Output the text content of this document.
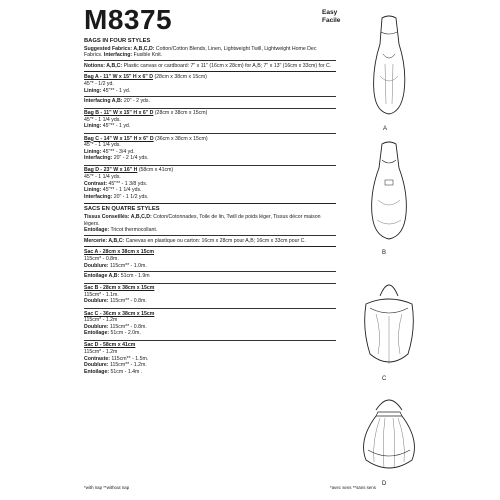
M8375	Easy
Facile
BAGS IN FOUR STYLES

Suggested Fabrics: A,B,C,D: Cotton/Cotton Blends, Linen, Lightweight Twill, Lightweight Home Dec Fabrics. Interfacing: Fusible Knit.

Notions: A,B,C: Plastic canvas or cardboard: 7" x 11" (16cm x 28cm) for A,B; 7" x 13" (16cm x 33cm) for C.

Bag A - 11" W x 15" H x 6" D (28cm x 38cm x 15cm)
45"* - 1/2 yd.
Lining: 45"** - 1 yd.
Interfacing A,B: 20" - 2 yds.
Bag B - 11" W x 15" H x 6" D (28cm x 38cm x 15cm)
45"* - 1 1/4 yds.
Lining: 45"** - 1 yd.
Bag C - 14" W x 15" H x 6" D (36cm x 38cm x 15cm)
45"* - 1 1/4 yds.
Lining: 45"** - 3/4 yd.
Interfacing: 20" - 2 1/4 yds.
Bag D - 23" W x 16" H (58cm x 41cm)
45"* - 1 1/4 yds.
Contrast: 45"** - 1 3/8 yds.
Lining: 45"** - 1 1/4 yds.
Interfacing: 20" - 1 1/2 yds.
SACS EN QUATRE STYLES

Tissus Conseillés: A,B,C,D: Coton/Cotonnades, Toile de lin, Twill de poids léger, Tissus décor maison légers.

Entoilage: Tricot thermocollant.

Mercerie: A,B,C: Canevas en plastique ou carton: 16cm x 28cm pour A,B; 16cm x 33cm pour C.

Sac A - 28cm x 38cm x 15cm
115cm* - 0.8m.
Doublure: 115cm** - 1.0m.
Entoilage A,B: 51cm - 1.9m
Sac B - 28cm x 38cm x 15cm
115cm* - 1.1m.
Doublure: 115cm** - 0.8m.
Sac C - 36cm x 38cm x 15cm
115cm* - 1.2m
Doublure: 115cm** - 0.8m.
Entoilage: 51cm - 2.0m.
Sac D - 58cm x 41cm
115cm* - 1.2m
Contraste: 115cm** - 1.5m.
Doublure: 115cm** - 1.2m.
Entoilage: 51cm - 1.4m .
*with nap **without nap	*avec sens **sans sens
A
B
C
D
